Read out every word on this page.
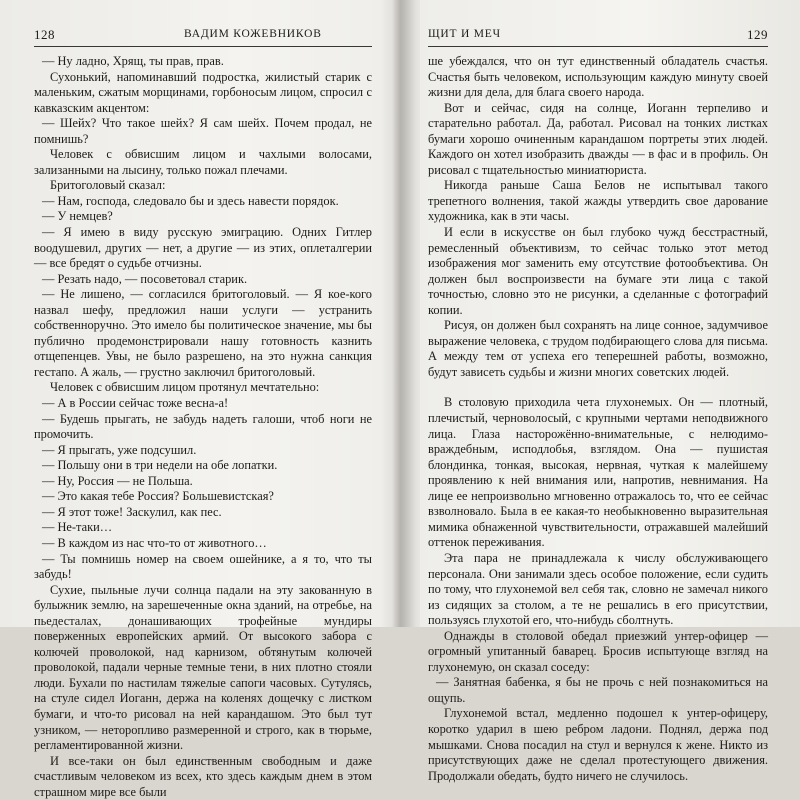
128	ВАДИМ КОЖЕВНИКОВ

— Ну ладно, Хрящ, ты прав, прав.

Сухонький, напоминавший подростка, жилистый старик с маленьким, сжатым морщинами, горбоносым лицом, спросил с кавказским акцентом:

— Шейх? Что такое шейх? Я сам шейх. Почем продал, не помнишь?

Человек с обвисшим лицом и чахлыми волосами, зализанными на лысину, только пожал плечами.

Бритоголовый сказал:

— Нам, господа, следовало бы и здесь навести порядок.

— У немцев?

— Я имею в виду русскую эмиграцию. Одних Гитлер воодушевил, других — нет, а другие — из этих, оплеталгерии — все бредят о судьбе отчизны.

— Резать надо, — посоветовал старик.

— Не лишено, — согласился бритоголовый. — Я кое-кого назвал шефу, предложил наши услуги — устранить собственноручно. Это имело бы политическое значение, мы бы публично продемонстрировали нашу готовность казнить отщепенцев. Увы, не было разрешено, на это нужна санкция гестапо. А жаль, — грустно заключил бритоголовый.

Человек с обвисшим лицом протянул мечтательно:

— А в России сейчас тоже весна-а!

— Будешь прыгать, не забудь надеть галоши, чтоб ноги не промочить.

— Я прыгать, уже подсушил.

— Польшу они в три недели на обе лопатки.

— Ну, Россия — не Польша.

— Это какая тебе Россия? Большевистская?

— Я этот тоже! Заскулил, как пес.

— Не-таки…

— В каждом из нас что-то от животного…

— Ты помнишь номер на своем ошейнике, а я то, что ты забудь!

Сухие, пыльные лучи солнца падали на эту закованную в булыжник землю, на зарешеченные окна зданий, на отребье, на пьедесталах, донашивающих трофейные мундиры поверженных европейских армий. От высокого забора с колючей проволокой, над карнизом, обтянутым колючей проволокой, падали черные темные тени, в них плотно стояли люди. Бухали по настилам тяжелые сапоги часовых. Сутулясь, на стуле сидел Иоганн, держа на коленях дощечку с листком бумаги, и что-то рисовал на ней карандашом. Это был тут узником, — неторопливо размеренной и строго, как в тюрьме, регламентированной жизни.

И все-таки он был единственным свободным и даже счастливым человеком из всех, кто здесь каждым днем в этом страшном мире все были

ЩИТ И МЕЧ	129

ше убеждался, что он тут единственный обладатель счастья. Счастья быть человеком, использующим каждую минуту своей жизни для дела, для блага своего народа.

Вот и сейчас, сидя на солнце, Иоганн терпеливо и старательно работал. Да, работал. Рисовал на тонких листках бумаги хорошо очиненным карандашом портреты этих людей. Каждого он хотел изобразить дважды — в фас и в профиль. Он рисовал с тщательностью миниатюриста.

Никогда раньше Саша Белов не испытывал такого трепетного волнения, такой жажды утвердить свое дарование художника, как в эти часы.

И если в искусстве он был глубоко чужд бесстрастный, ремесленный объективизм, то сейчас только этот метод изображения мог заменить ему отсутствие фотообъектива. Он должен был воспроизвести на бумаге эти лица с такой точностью, словно это не рисунки, а сделанные с фотографий копии.

Рисуя, он должен был сохранять на лице сонное, задумчивое выражение человека, с трудом подбирающего слова для письма. А между тем от успеха его теперешней работы, возможно, будут зависеть судьбы и жизни многих советских людей.

В столовую приходила чета глухонемых. Он — плотный, плечистый, черноволосый, с крупными чертами неподвижного лица. Глаза насторожённо-внимательные, с нелюдимо-враждебным, исподлобья, взглядом. Она — пушистая блондинка, тонкая, высокая, нервная, чуткая к малейшему проявлению к ней внимания или, напротив, невнимания. На лице ее непроизвольно мгновенно отражалось то, что ее сейчас взволновало. Была в ее какая-то необыкновенно выразительная мимика обнаженной чувствительности, отражавшей малейший оттенок переживания.

Эта пара не принадлежала к числу обслуживающего персонала. Они занимали здесь особое положение, если судить по тому, что глухонемой вел себя так, словно не замечал никого из сидящих за столом, а те не решались в его присутствии, пользуясь глухотой его, что-нибудь сболтнуть.

Однажды в столовой обедал приезжий унтер-офицер — огромный упитанный баварец. Бросив испытующе взгляд на глухонемую, он сказал соседу:

— Занятная бабенка, я бы не прочь с ней познакомиться на ощупь.

Глухонемой встал, медленно подошел к унтер-офицеру, коротко ударил в шею ребром ладони. Поднял, держа под мышками. Снова посадил на стул и вернулся к жене. Никто из присутствующих даже не сделал протестующего движения. Продолжали обедать, будто ничего не случилось.
